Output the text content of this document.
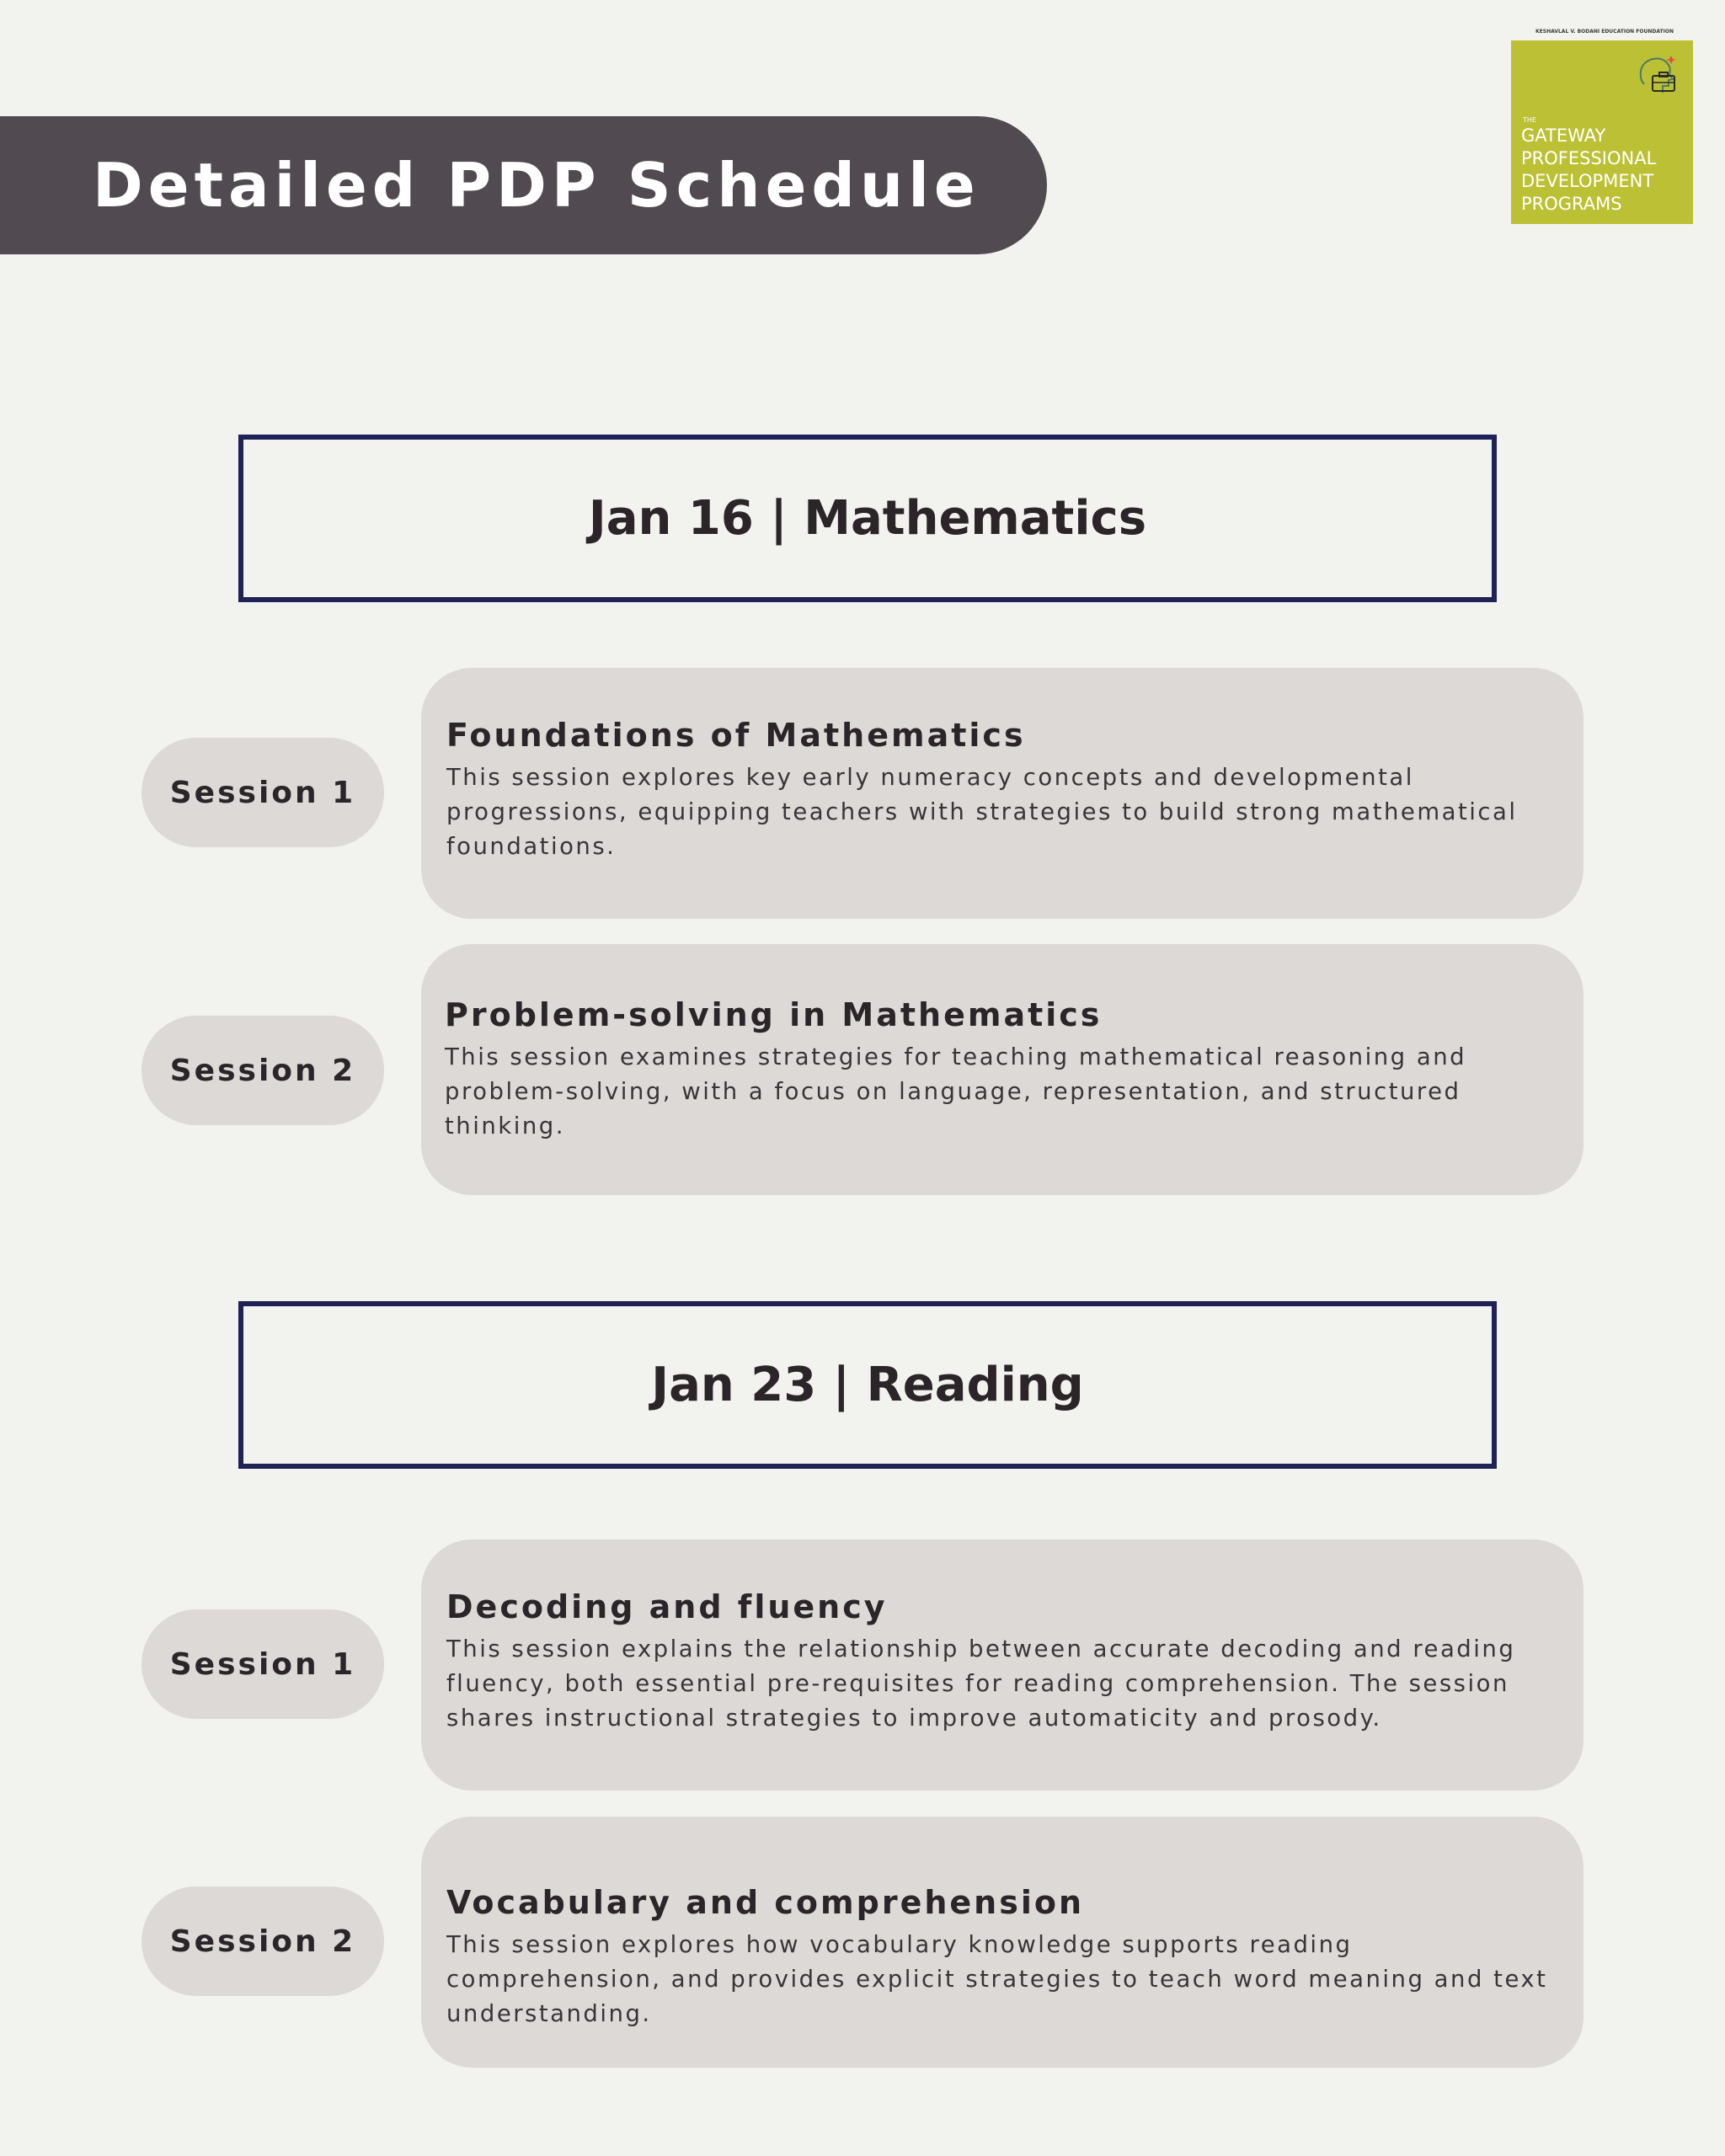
Detailed PDP Schedule
KESHAVLAL V. BODANI EDUCATION FOUNDATION
THE
GATEWAY
PROFESSIONAL
DEVELOPMENT
PROGRAMS
Jan 16 | Mathematics
Session 1

Foundations of Mathematics

This session explores key early numeracy concepts and developmental progressions, equipping teachers with strategies to build strong mathematical foundations.

Session 2

Problem-solving in Mathematics

This session examines strategies for teaching mathematical reasoning and problem-solving, with a focus on language, representation, and structured thinking.

Jan 23 | Reading
Session 1

Decoding and fluency

This session explains the relationship between accurate decoding and reading fluency, both essential pre-requisites for reading comprehension. The session shares instructional strategies to improve automaticity and prosody.

Session 2

Vocabulary and comprehension

This session explores how vocabulary knowledge supports reading comprehension, and provides explicit strategies to teach word meaning and text understanding.
